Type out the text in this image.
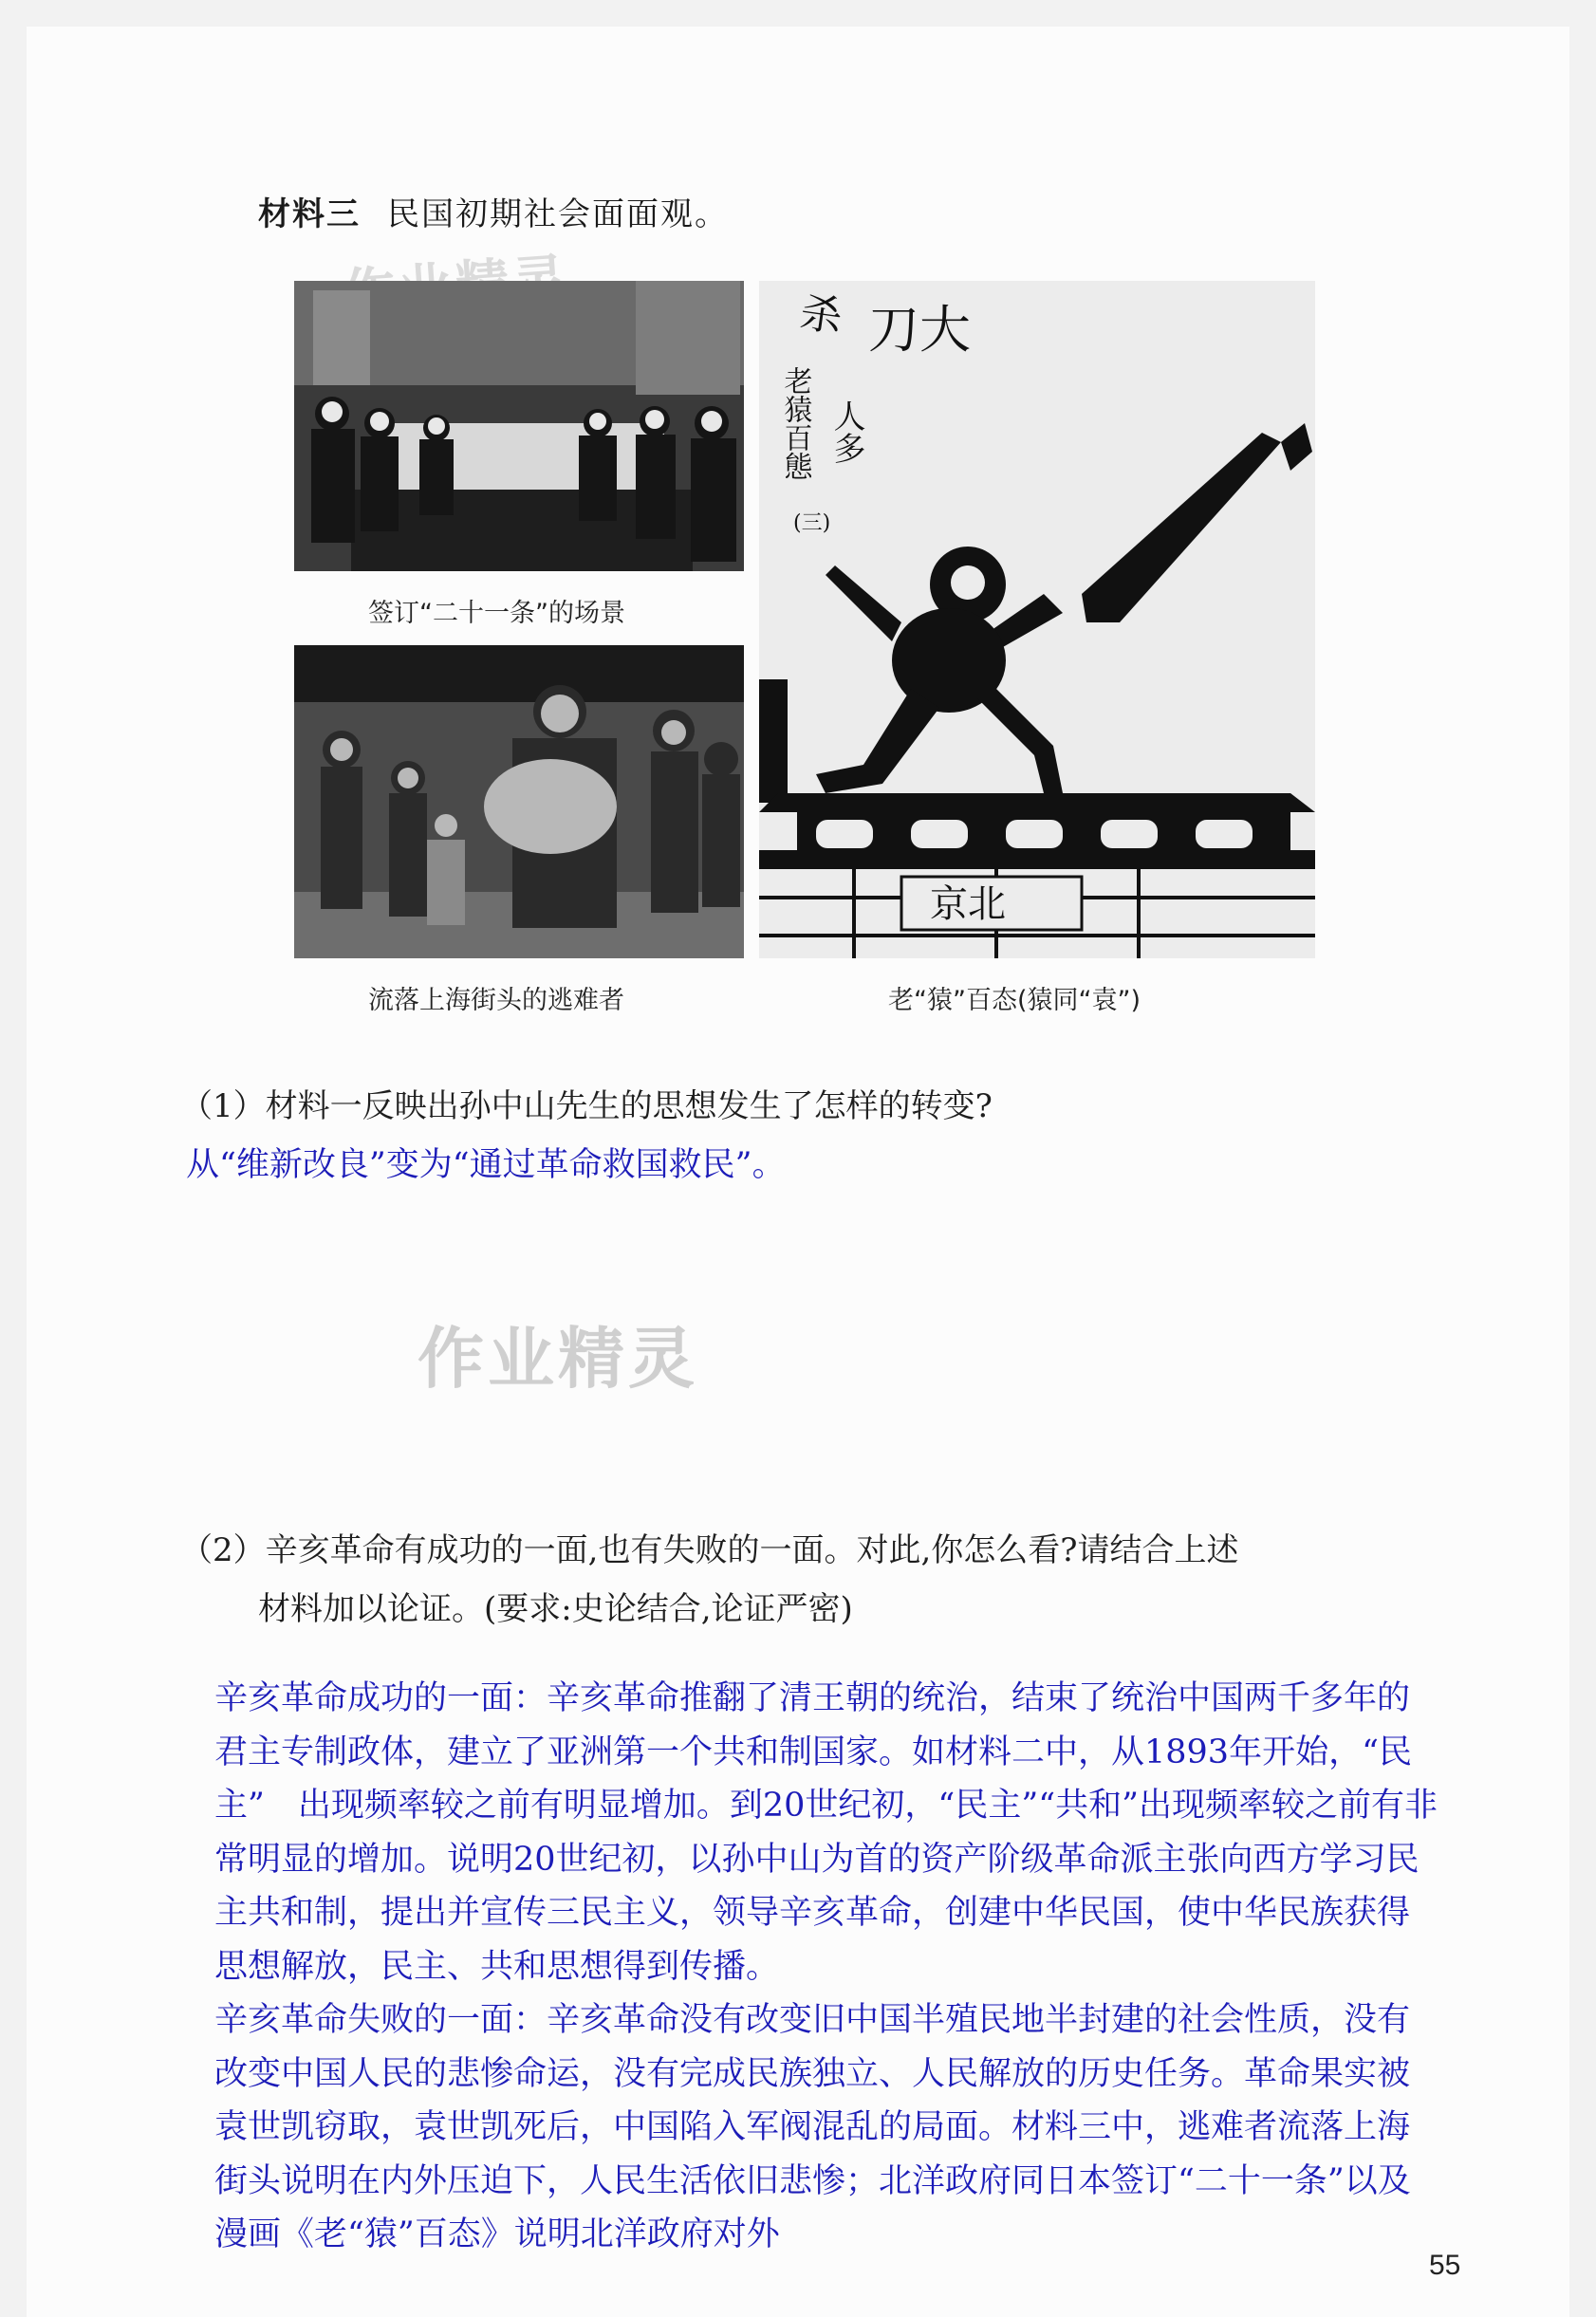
材料三 民国初期社会面面观。
签订“二十一条”的场景
流落上海街头的逃难者
刀大
杀
人多
老猿百態
(三)
京北
老“猿”百态(猿同“袁”)
（1）材料一反映出孙中山先生的思想发生了怎样的转变?
从“维新改良”变为“通过革命救国救民”。
作业精灵
（2）辛亥革命有成功的一面,也有失败的一面。对此,你怎么看?请结合上述
材料加以论证。(要求:史论结合,论证严密)

辛亥革命成功的一面：辛亥革命推翻了清王朝的统治，结束了统治中国两千多年的君主专制政体，建立了亚洲第一个共和制国家。如材料二中，从1893年开始，“民主”　出现频率较之前有明显增加。到20世纪初，“民主”“共和”出现频率较之前有非常明显的增加。说明20世纪初，以孙中山为首的资产阶级革命派主张向西方学习民主共和制，提出并宣传三民主义，领导辛亥革命，创建中华民国，使中华民族获得思想解放，民主、共和思想得到传播。

辛亥革命失败的一面：辛亥革命没有改变旧中国半殖民地半封建的社会性质，没有改变中国人民的悲惨命运，没有完成民族独立、人民解放的历史任务。革命果实被袁世凯窃取，袁世凯死后，中国陷入军阀混乱的局面。材料三中，逃难者流落上海街头说明在内外压迫下，人民生活依旧悲惨；北洋政府同日本签订“二十一条”以及漫画《老“猿”百态》说明北洋政府对外

55
